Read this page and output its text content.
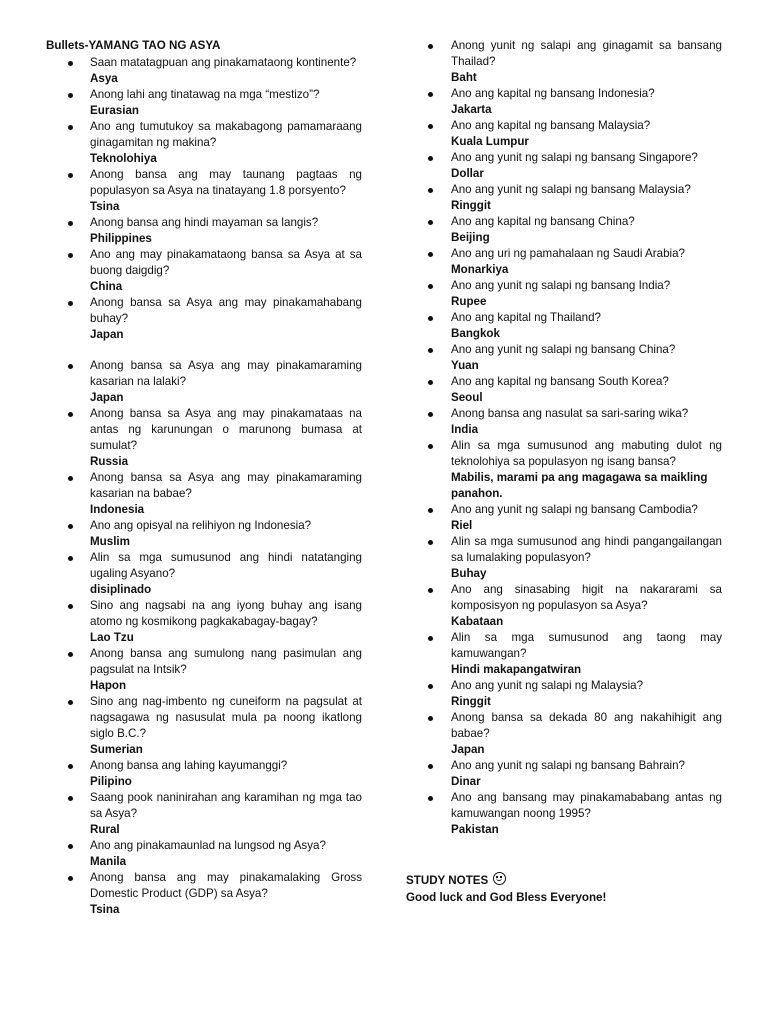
Bullets-YAMANG TAO NG ASYA
Saan matatagpuan ang pinakamataong kontinente?
Asya
Anong lahi ang tinatawag na mga “mestizo”?
Eurasian
Ano ang tumutukoy sa makabagong pamamaraang ginagamitan ng makina?
Teknolohiya
Anong bansa ang may taunang pagtaas ng populasyon sa Asya na tinatayang 1.8 porsyento?
Tsina
Anong bansa ang hindi mayaman sa langis?
Philippines
Ano ang may pinakamataong bansa sa Asya at sa buong daigdig?
China
Anong bansa sa Asya ang may pinakamahabang buhay?
Japan
Anong bansa sa Asya ang may pinakamaraming kasarian na lalaki?
Japan
Anong bansa sa Asya ang may pinakamataas na antas ng karunungan o marunong bumasa at sumulat?
Russia
Anong bansa sa Asya ang may pinakamaraming kasarian na babae?
Indonesia
Ano ang opisyal na relihiyon ng Indonesia?
Muslim
Alin sa mga sumusunod ang hindi natatanging ugaling Asyano?
disiplinado
Sino ang nagsabi na ang iyong buhay ang isang atomo ng kosmikong pagkakabagay-bagay?
Lao Tzu
Anong bansa ang sumulong nang pasimulan ang pagsulat na Intsik?
Hapon
Sino ang nag-imbento ng cuneiform na pagsulat at nagsagawa ng nasusulat mula pa noong ikatlong siglo B.C.?
Sumerian
Anong bansa ang lahing kayumanggi?
Pilipino
Saang pook naninirahan ang karamihan ng mga tao sa Asya?
Rural
Ano ang pinakamaunlad na lungsod ng Asya?
Manila
Anong bansa ang may pinakamalaking Gross Domestic Product (GDP) sa Asya?
Tsina
Anong yunit ng salapi ang ginagamit sa bansang Thailad?
Baht
Ano ang kapital ng bansang Indonesia?
Jakarta
Ano ang kapital ng bansang Malaysia?
Kuala Lumpur
Ano ang yunit ng salapi ng bansang Singapore?
Dollar
Ano ang yunit ng salapi ng bansang Malaysia?
Ringgit
Ano ang kapital ng bansang China?
Beijing
Ano ang uri ng pamahalaan ng Saudi Arabia?
Monarkiya
Ano ang yunit ng salapi ng bansang India?
Rupee
Ano ang kapital ng Thailand?
Bangkok
Ano ang yunit ng salapi ng bansang China?
Yuan
Ano ang kapital ng bansang South Korea?
Seoul
Anong bansa ang nasulat sa sari-saring wika?
India
Alin sa mga sumusunod ang mabuting dulot ng teknolohiya sa populasyon ng isang bansa?
Mabilis, marami pa ang magagawa sa maikling panahon.
Ano ang yunit ng salapi ng bansang Cambodia?
Riel
Alin sa mga sumusunod ang hindi pangangailangan sa lumalaking populasyon?
Buhay
Ano ang sinasabing higit na nakararami sa komposisyon ng populasyon sa Asya?
Kabataan
Alin sa mga sumusunod ang taong may kamuwangan?
Hindi makapangatwiran
Ano ang yunit ng salapi ng Malaysia?
Ringgit
Anong bansa sa dekada 80 ang nakahihigit ang babae?
Japan
Ano ang yunit ng salapi ng bansang Bahrain?
Dinar
Ano ang bansang may pinakamababang antas ng kamuwangan noong 1995?
Pakistan
STUDY NOTES
Good luck and God Bless Everyone!
